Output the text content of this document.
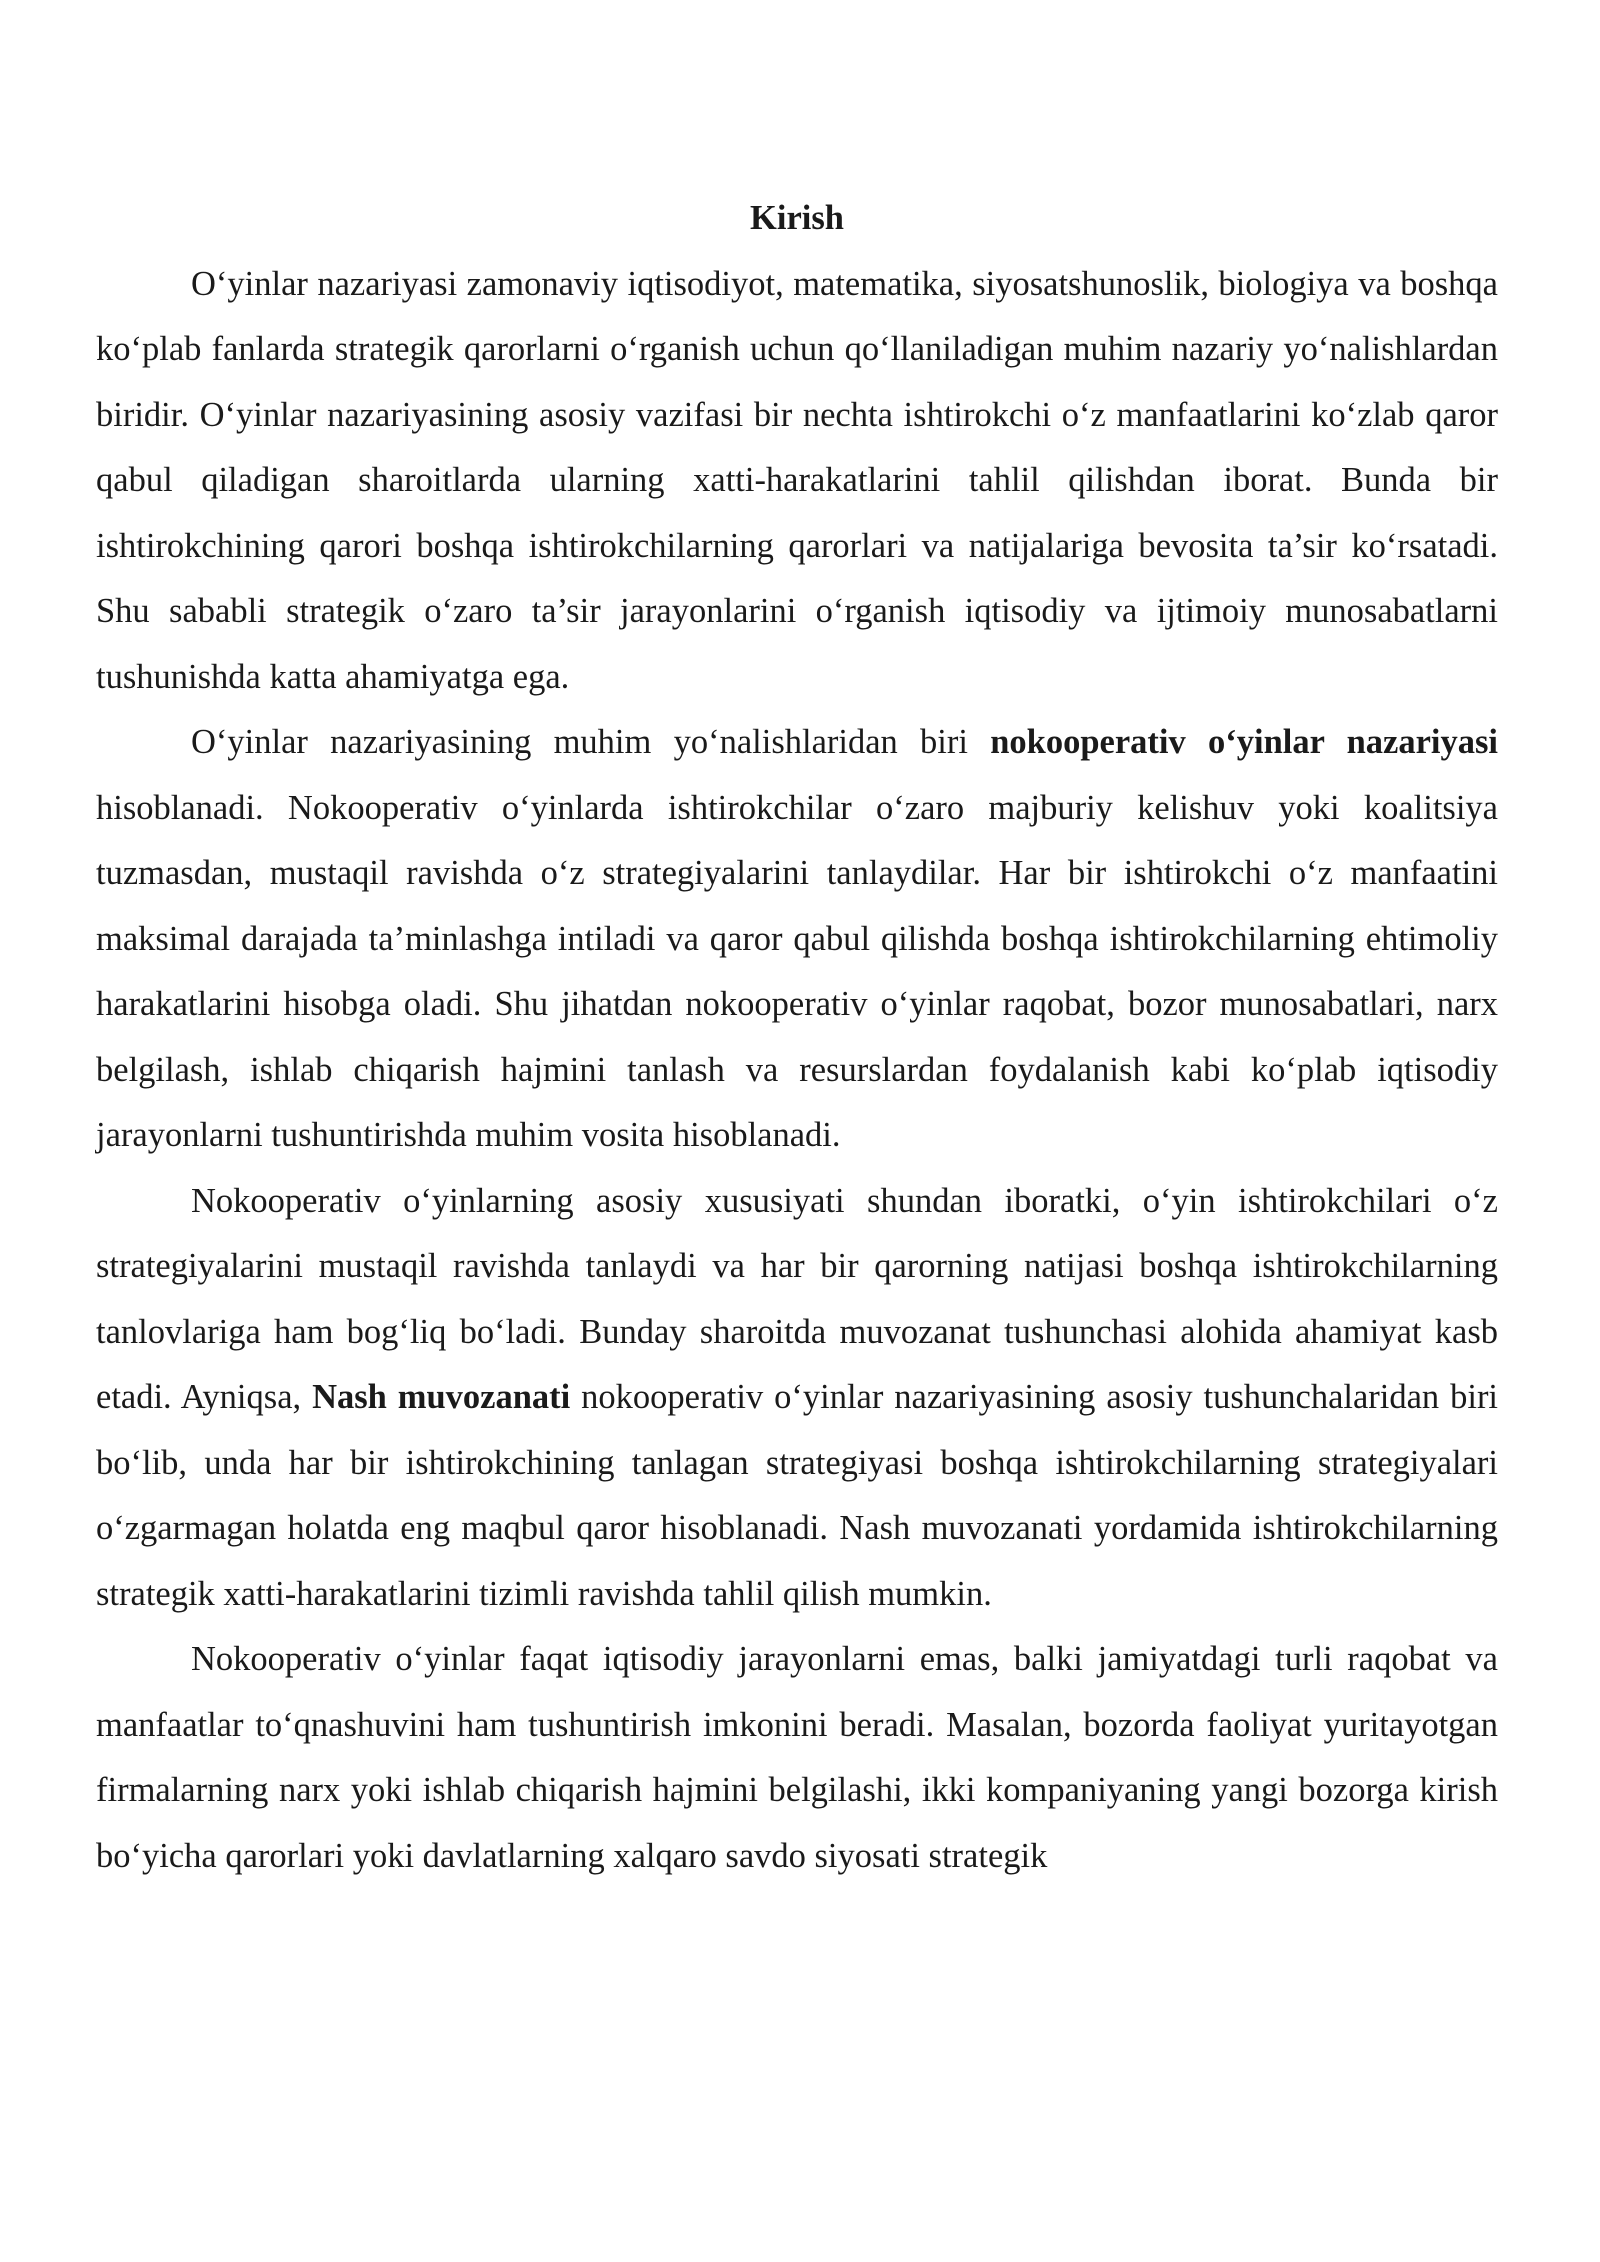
Kirish

O‘yinlar nazariyasi zamonaviy iqtisodiyot, matematika, siyosatshunoslik, biologiya va boshqa ko‘plab fanlarda strategik qarorlarni o‘rganish uchun qo‘llaniladigan muhim nazariy yo‘nalishlardan biridir. O‘yinlar nazariyasining asosiy vazifasi bir nechta ishtirokchi o‘z manfaatlarini ko‘zlab qaror qabul qiladigan sharoitlarda ularning xatti-harakatlarini tahlil qilishdan iborat. Bunda bir ishtirokchining qarori boshqa ishtirokchilarning qarorlari va natijalariga bevosita ta’sir ko‘rsatadi. Shu sababli strategik o‘zaro ta’sir jarayonlarini o‘rganish iqtisodiy va ijtimoiy munosabatlarni tushunishda katta ahamiyatga ega.

O‘yinlar nazariyasining muhim yo‘nalishlaridan biri nokooperativ o‘yinlar nazariyasi hisoblanadi. Nokooperativ o‘yinlarda ishtirokchilar o‘zaro majburiy kelishuv yoki koalitsiya tuzmasdan, mustaqil ravishda o‘z strategiyalarini tanlaydilar. Har bir ishtirokchi o‘z manfaatini maksimal darajada ta’minlashga intiladi va qaror qabul qilishda boshqa ishtirokchilarning ehtimoliy harakatlarini hisobga oladi. Shu jihatdan nokooperativ o‘yinlar raqobat, bozor munosabatlari, narx belgilash, ishlab chiqarish hajmini tanlash va resurslardan foydalanish kabi ko‘plab iqtisodiy jarayonlarni tushuntirishda muhim vosita hisoblanadi.

Nokooperativ o‘yinlarning asosiy xususiyati shundan iboratki, o‘yin ishtirokchilari o‘z strategiyalarini mustaqil ravishda tanlaydi va har bir qarorning natijasi boshqa ishtirokchilarning tanlovlariga ham bog‘liq bo‘ladi. Bunday sharoitda muvozanat tushunchasi alohida ahamiyat kasb etadi. Ayniqsa, Nash muvozanati nokooperativ o‘yinlar nazariyasining asosiy tushunchalaridan biri bo‘lib, unda har bir ishtirokchining tanlagan strategiyasi boshqa ishtirokchilarning strategiyalari o‘zgarmagan holatda eng maqbul qaror hisoblanadi. Nash muvozanati yordamida ishtirokchilarning strategik xatti-harakatlarini tizimli ravishda tahlil qilish mumkin.

Nokooperativ o‘yinlar faqat iqtisodiy jarayonlarni emas, balki jamiyatdagi turli raqobat va manfaatlar to‘qnashuvini ham tushuntirish imkonini beradi. Masalan, bozorda faoliyat yuritayotgan firmalarning narx yoki ishlab chiqarish hajmini belgilashi, ikki kompaniyaning yangi bozorga kirish bo‘yicha qarorlari yoki davlatlarning xalqaro savdo siyosati strategik
